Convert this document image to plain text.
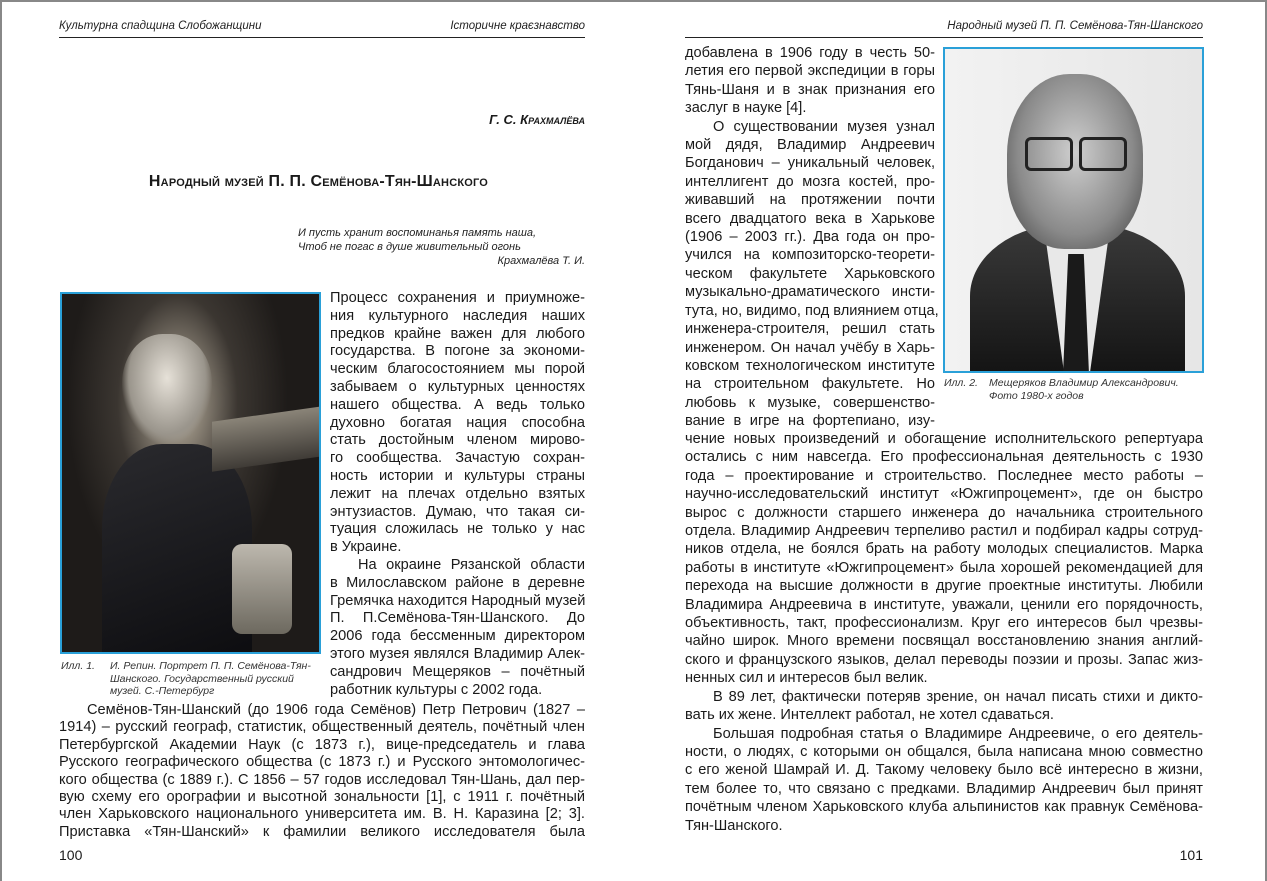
Культурна спадщина Слобожанщини	Історичне краєзнавство
Г. С. Крахмалёва
Народный музей П. П. Семёнова-Тян-Шанского
И пусть хранит воспоминанья память наша,
Чтоб не погас в душе живительный огонь
Крахмалёва Т. И.
Илл. 1. И. Репин. Портрет П. П. Семёнова-Тян-
Шанского. Государственный русский
музей. С.-Петербург
Процесс сохранения и приумноже-
ния культурного наследия наших
предков крайне важен для любого
государства. В погоне за экономи-
ческим благосостоянием мы порой
забываем о культурных ценностях
нашего общества. А ведь только
духовно богатая нация способна
стать достойным членом мирово-
го сообщества. Зачастую сохран-
ность истории и культуры страны
лежит на плечах отдельно взятых
энтузиастов. Думаю, что такая си-
туация сложилась не только у нас
в Украине.
На окраине Рязанской области
в Милославском районе в деревне
Гремячка находится Народный музей
П. П.Семёнова-Тян-Шанского. До
2006 года бессменным директором
этого музея являлся Владимир Алек-
сандрович Мещеряков – почётный
работник культуры с 2002 года.
Семёнов-Тян-Шанский (до 1906 года Семёнов) Петр Петрович (1827 –
1914) – русский географ, статистик, общественный деятель, почётный член
Петербургской Академии Наук (с 1873 г.), вице-председатель и глава
Русского географического общества (с 1873 г.) и Русского энтомологичес-
кого общества (с 1889 г.). С 1856 – 57 годов исследовал Тян-Шань, дал пер-
вую схему его орографии и высотной зональности [1], с 1911 г. почётный
член Харьковского национального университета им. В. Н. Каразина [2; 3].
Приставка «Тян-Шанский» к фамилии великого исследователя была
100
Народный музей П. П. Семёнова-Тян-Шанского
Илл. 2. Мещеряков Владимир Александрович.
Фото 1980-х годов
добавлена в 1906 году в честь 50-
летия его первой экспедиции в горы
Тянь-Шаня и в знак признания его
заслуг в науке [4].
О существовании музея узнал
мой дядя, Владимир Андреевич
Богданович – уникальный человек,
интеллигент до мозга костей, про-
живавший на протяжении почти
всего двадцатого века в Харькове
(1906 – 2003 гг.). Два года он про-
учился на композиторско-теорети-
ческом факультете Харьковского
музыкально-драматического инсти-
тута, но, видимо, под влиянием отца,
инженера-строителя, решил стать
инженером. Он начал учёбу в Харь-
ковском технологическом институте
на строительном факультете. Но
любовь к музыке, совершенство-
вание в игре на фортепиано, изу-
чение новых произведений и обогащение исполнительского репертуара
остались с ним навсегда. Его профессиональная деятельность с 1930
года – проектирование и строительство. Последнее место работы –
научно-исследовательский институт «Южгипроцемент», где он быстро
вырос с должности старшего инженера до начальника строительного
отдела. Владимир Андреевич терпеливо растил и подбирал кадры сотруд-
ников отдела, не боялся брать на работу молодых специалистов. Марка
работы в институте «Южгипроцемент» была хорошей рекомендацией для
перехода на высшие должности в другие проектные институты. Любили
Владимира Андреевича в институте, уважали, ценили его порядочность,
объективность, такт, профессионализм. Круг его интересов был чрезвы-
чайно широк. Много времени посвящал восстановлению знания англий-
ского и французского языков, делал переводы поэзии и прозы. Запас жиз-
ненных сил и интересов был велик.
В 89 лет, фактически потеряв зрение, он начал писать стихи и дикто-
вать их жене. Интеллект работал, не хотел сдаваться.
Большая подробная статья о Владимире Андреевиче, о его деятель-
ности, о людях, с которыми он общался, была написана мною совместно
с его женой Шамрай И. Д. Такому человеку было всё интересно в жизни,
тем более то, что связано с предками. Владимир Андреевич был принят
почётным членом Харьковского клуба альпинистов как правнук Семёнова-
Тян-Шанского.
101
